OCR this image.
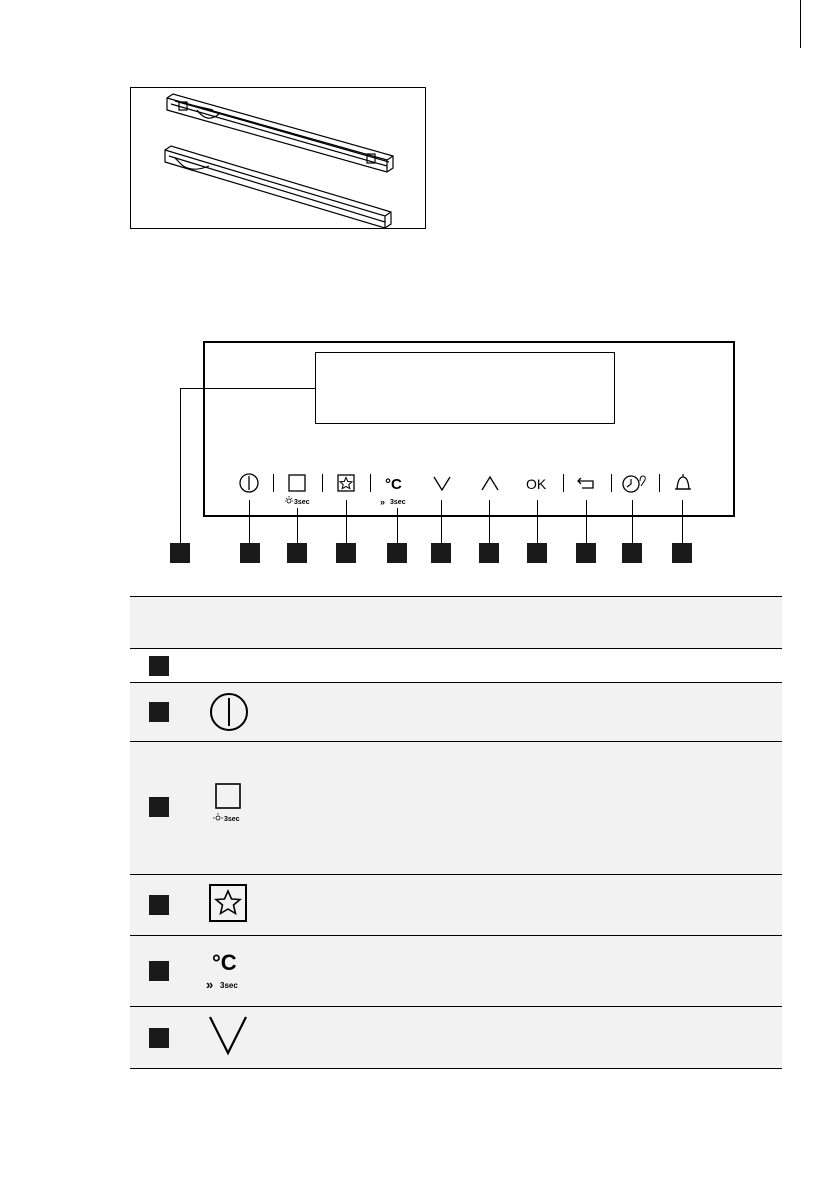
3sec
°C
» 3sec
OK
3sec
°C
» 3sec
